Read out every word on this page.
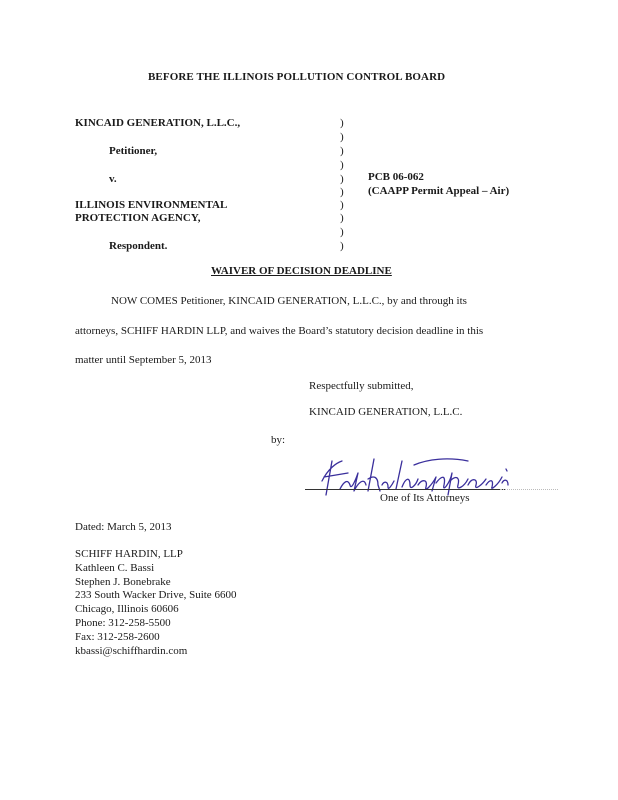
BEFORE THE ILLINOIS POLLUTION CONTROL BOARD
KINCAID GENERATION, L.L.C.,
Petitioner,
v.
ILLINOIS ENVIRONMENTAL
PROTECTION AGENCY,
Respondent.
)
)
)
)
)
)
)
)
)
)
PCB 06-062
(CAAPP Permit Appeal – Air)
WAIVER OF DECISION DEADLINE
NOW COMES Petitioner, KINCAID GENERATION, L.L.C., by and through its
attorneys, SCHIFF HARDIN LLP, and waives the Board’s statutory decision deadline in this
matter until September 5, 2013
Respectfully submitted,
KINCAID GENERATION, L.L.C.
by:
One of Its Attorneys
Dated: March 5, 2013
SCHIFF HARDIN, LLP
Kathleen C. Bassi
Stephen J. Bonebrake
233 South Wacker Drive, Suite 6600
Chicago, Illinois 60606
Phone: 312-258-5500
Fax: 312-258-2600
kbassi@schiffhardin.com
